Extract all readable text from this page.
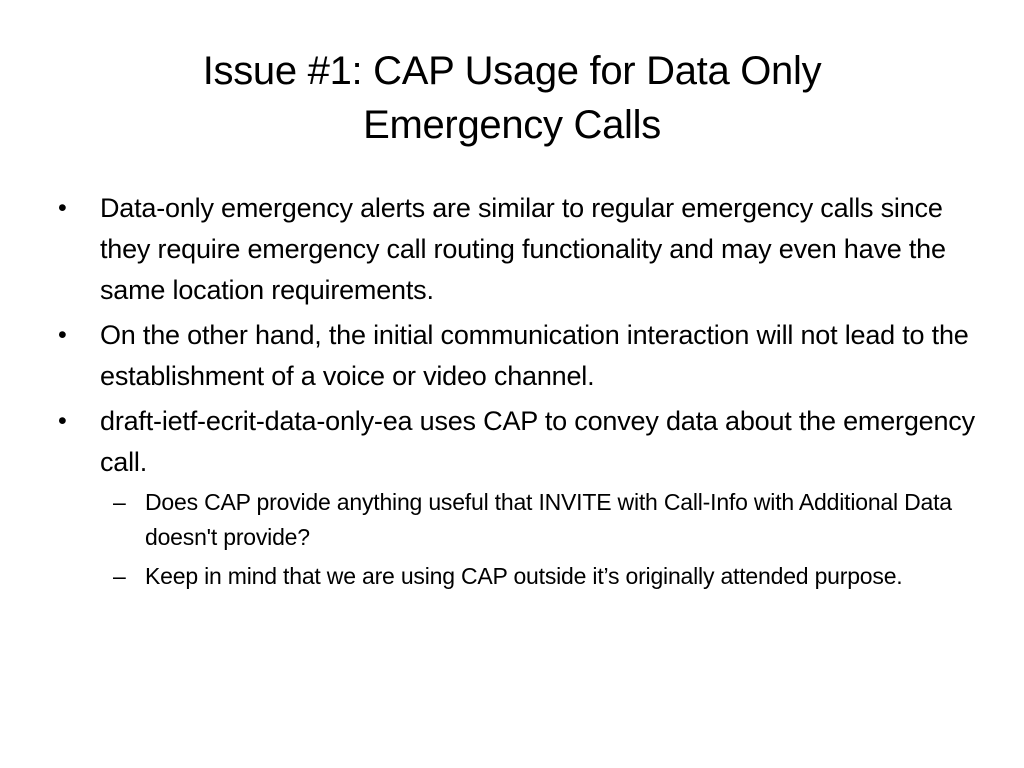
Issue #1: CAP Usage for Data Only
Emergency Calls
• Data-only emergency alerts are similar to regular emergency calls since they require emergency call routing functionality and may even have the same location requirements.
• On the other hand, the initial communication interaction will not lead to the establishment of a voice or video channel.
• draft-ietf-ecrit-data-only-ea uses CAP to convey data about the emergency call.
– Does CAP provide anything useful that INVITE with Call-Info with Additional Data doesn't provide?
– Keep in mind that we are using CAP outside it’s originally attended purpose.
